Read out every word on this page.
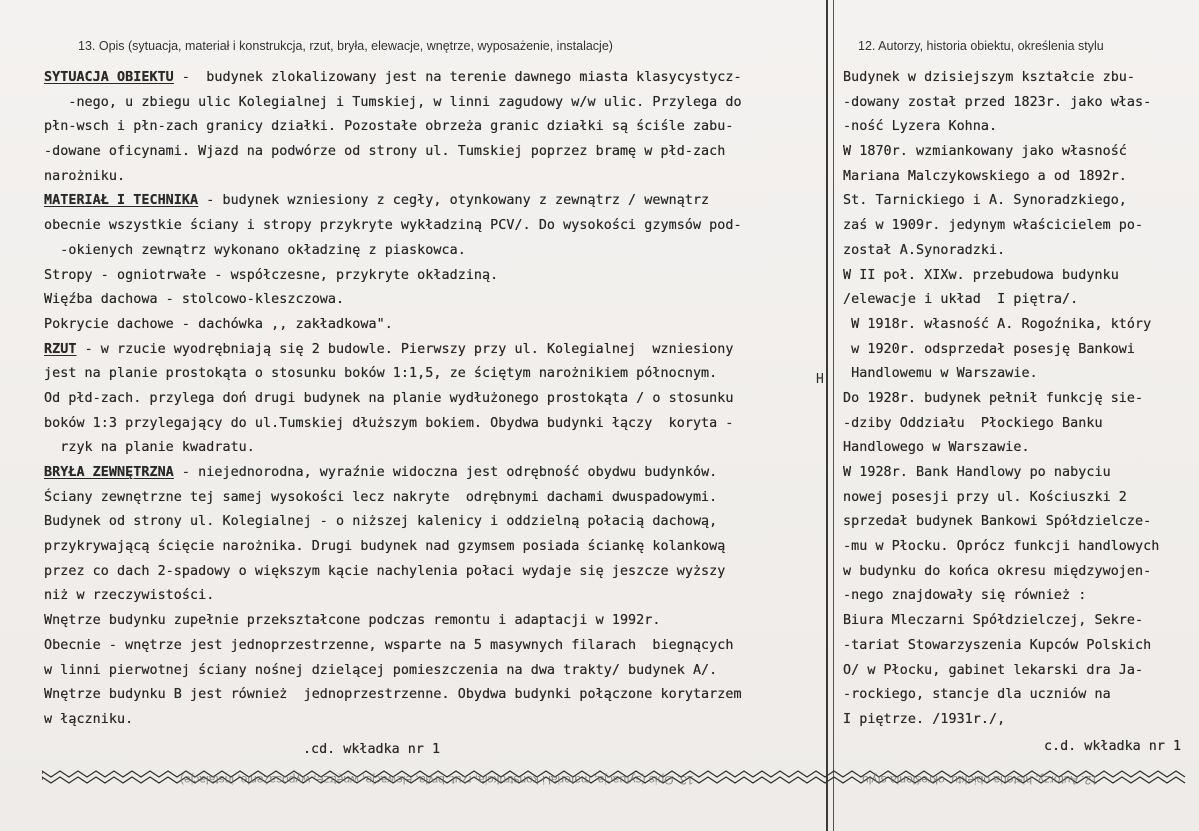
13. Opis (sytuacja, materiał i konstrukcja, rzut, bryła, elewacje, wnętrze, wyposażenie, instalacje)	12. Autorzy, historia obiektu, określenia stylu
SYTUACJA OBIEKTU -  budynek zlokalizowany jest na terenie dawnego miasta klasycystycz-
-nego, u zbiegu ulic Kolegialnej i Tumskiej, w linni zagudowy w/w ulic. Przylega do
płn-wsch i płn-zach granicy działki. Pozostałe obrzeża granic działki są ściśle zabu-
-dowane oficynami. Wjazd na podwórze od strony ul. Tumskiej poprzez bramę w płd-zach
narożniku.
MATERIAŁ I TECHNIKA - budynek wzniesiony z cegły, otynkowany z zewnątrz / wewnątrz
obecnie wszystkie ściany i stropy przykryte wykładziną PCV/. Do wysokości gzymsów pod-
-okienych zewnątrz wykonano okładzinę z piaskowca.
Stropy - ogniotrwałe - współczesne, przykryte okładziną.
Więźba dachowa - stolcowo-kleszczowa.
Pokrycie dachowe - dachówka ,, zakładkowa".
RZUT - w rzucie wyodrębniają się 2 budowle. Pierwszy przy ul. Kolegialnej  wzniesiony
jest na planie prostokąta o stosunku boków 1:1,5, ze ściętym narożnikiem północnym.
Od płd-zach. przylega doń drugi budynek na planie wydłużonego prostokąta / o stosunku
boków 1:3 przylegający do ul.Tumskiej dłuższym bokiem. Obydwa budynki łączy  koryta -
rzyk na planie kwadratu.
BRYŁA ZEWNĘTRZNA - niejednorodna, wyraźnie widoczna jest odrębność obydwu budynków.
Ściany zewnętrzne tej samej wysokości lecz nakryte  odrębnymi dachami dwuspadowymi.
Budynek od strony ul. Kolegialnej - o niższej kalenicy i oddzielną połacią dachową,
przykrywającą ścięcie narożnika. Drugi budynek nad gzymsem posiada ściankę kolankową
przez co dach 2-spadowy o większym kącie nachylenia połaci wydaje się jeszcze wyższy
niż w rzeczywistości.
Wnętrze budynku zupełnie przekształcone podczas remontu i adaptacji w 1992r.
Obecnie - wnętrze jest jednoprzestrzenne, wsparte na 5 masywnych filarach  biegnących
w linni pierwotnej ściany nośnej dzielącej pomieszczenia na dwa trakty/ budynek A/.
Wnętrze budynku B jest również  jednoprzestrzenne. Obydwa budynki połączone korytarzem
w łączniku.
Budynek w dzisiejszym kształcie zbu-
-dowany został przed 1823r. jako włas-
-ność Lyzera Kohna.
W 1870r. wzmiankowany jako własność
Mariana Malczykowskiego a od 1892r.
St. Tarnickiego i A. Synoradzkiego,
zaś w 1909r. jedynym właścicielem po-
został A.Synoradzki.
W II poł. XIXw. przebudowa budynku
/elewacje i układ  I piętra/.
W 1918r. własność A. Rogoźnika, który
w 1920r. odsprzedał posesję Bankowi
Handlowemu w Warszawie.
Do 1928r. budynek pełnił funkcję sie-
-dziby Oddziału  Płockiego Banku
Handlowego w Warszawie.
W 1928r. Bank Handlowy po nabyciu
nowej posesji przy ul. Kościuszki 2
sprzedał budynek Bankowi Spółdzielcze-
-mu w Płocku. Oprócz funkcji handlowych
w budynku do końca okresu międzywojen-
-nego znajdowały się również :
Biura Mleczarni Spółdzielczej, Sekre-
-tariat Stowarzyszenia Kupców Polskich
O/ w Płocku, gabinet lekarski dra Ja-
-rockiego, stancje dla uczniów na
I piętrze. /1931r./,
H
.cd. wkładka nr 1	c.d. wkładka nr 1
13. Opis (sytuacja, materiał i konstrukcja, rzut, bryła, elewacje, wnętrze, wyposażenie, instalacje)	12. Autorzy, historia obiektu, określenia stylu
